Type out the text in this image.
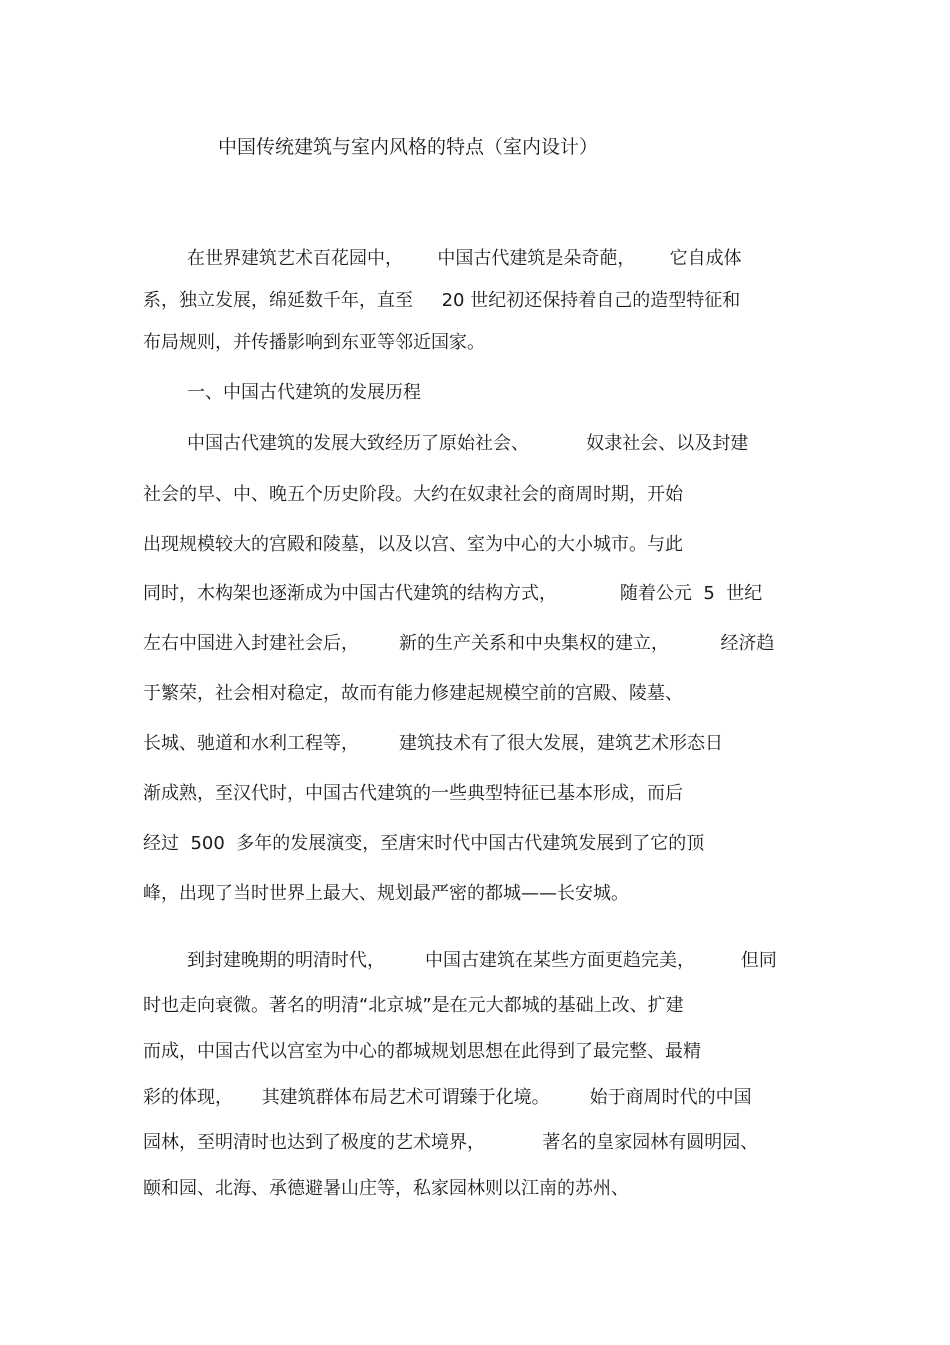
中国传统建筑与室内风格的特点（室内设计）
在世界建筑艺术百花园中，      中国古代建筑是朵奇葩，      它自成体
系，独立发展，绵延数千年，直至     20 世纪初还保持着自己的造型特征和
布局规则，并传播影响到东亚等邻近国家。
一、中国古代建筑的发展历程
中国古代建筑的发展大致经历了原始社会、          奴隶社会、以及封建
社会的早、中、晚五个历史阶段。大约在奴隶社会的商周时期，开始
出现规模较大的宫殿和陵墓，以及以宫、室为中心的大小城市。与此
同时，木构架也逐渐成为中国古代建筑的结构方式，           随着公元  5  世纪
左右中国进入封建社会后，       新的生产关系和中央集权的建立，         经济趋
于繁荣，社会相对稳定，故而有能力修建起规模空前的宫殿、陵墓、
长城、驰道和水利工程等，       建筑技术有了很大发展，建筑艺术形态日
渐成熟，至汉代时，中国古代建筑的一些典型特征已基本形成，而后
经过  500  多年的发展演变，至唐宋时代中国古代建筑发展到了它的顶
峰，出现了当时世界上最大、规划最严密的都城——长安城。
到封建晚期的明清时代，       中国古建筑在某些方面更趋完美，        但同
时也走向衰微。著名的明清“北京城”是在元大都城的基础上改、扩建
而成，中国古代以宫室为中心的都城规划思想在此得到了最完整、最精
彩的体现，     其建筑群体布局艺术可谓臻于化境。       始于商周时代的中国
园林，至明清时也达到了极度的艺术境界，          著名的皇家园林有圆明园、
颐和园、北海、承德避暑山庄等，私家园林则以江南的苏州、
